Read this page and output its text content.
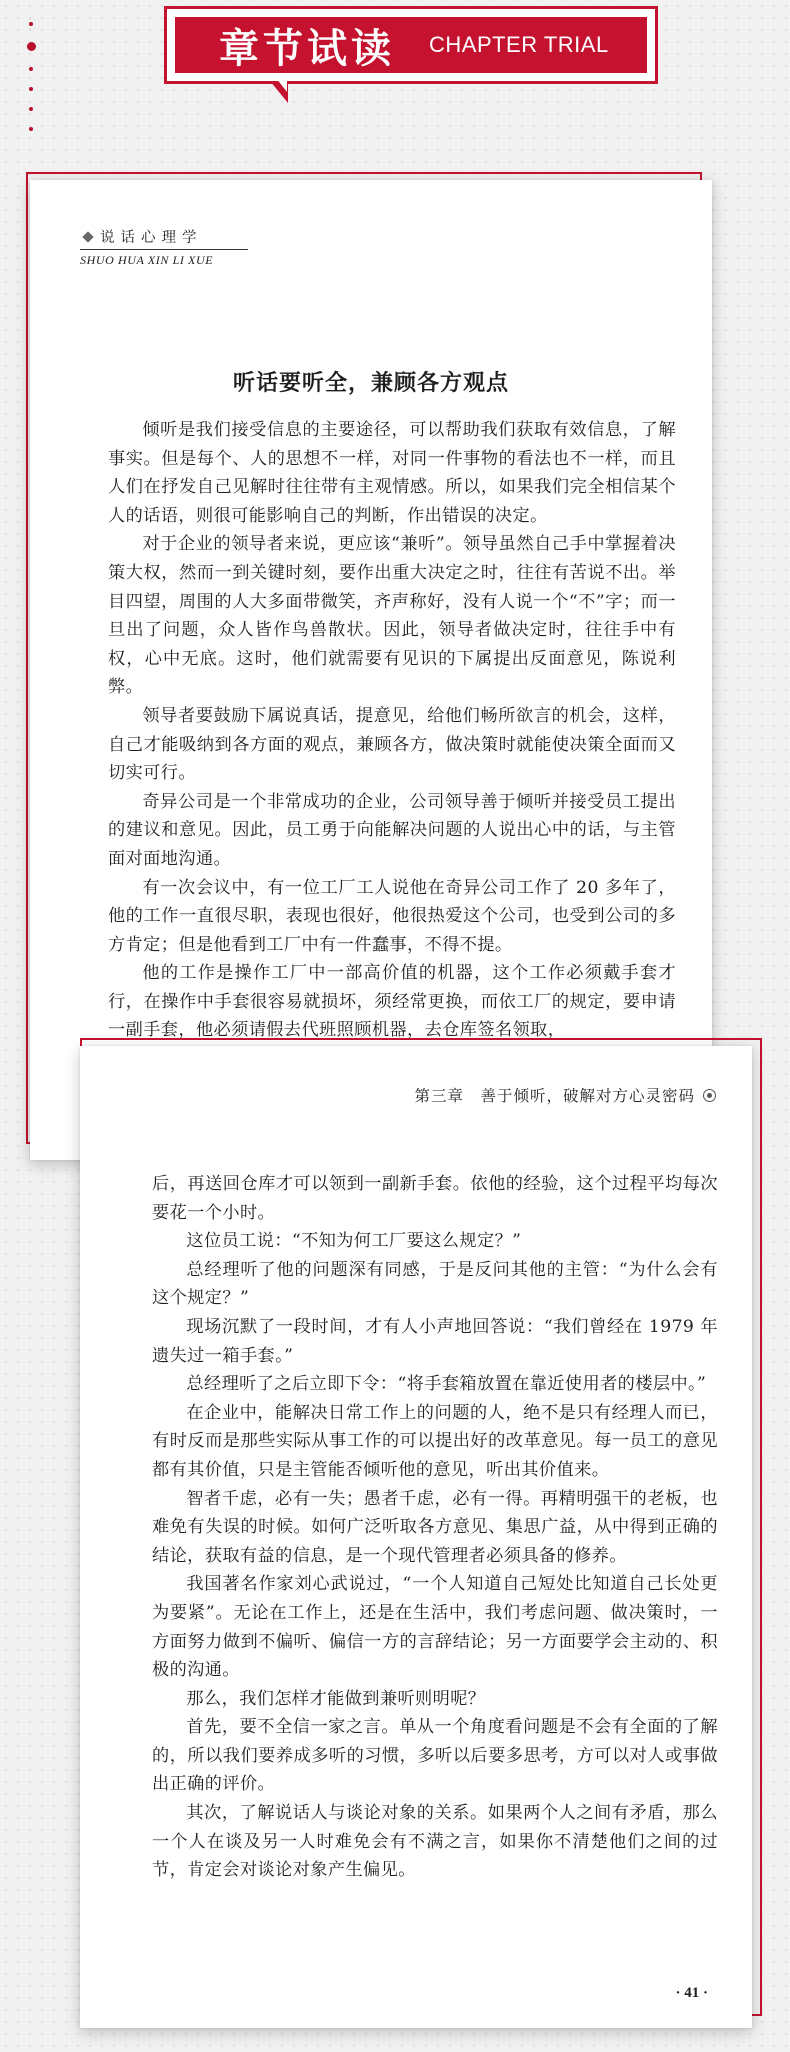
章节试读 CHAPTER TRIAL
说话心理学
SHUO HUA XIN LI XUE
听话要听全，兼顾各方观点

倾听是我们接受信息的主要途径，可以帮助我们获取有效信息，了解事实。但是每个、人的思想不一样，对同一件事物的看法也不一样，而且人们在抒发自己见解时往往带有主观情感。所以，如果我们完全相信某个人的话语，则很可能影响自己的判断，作出错误的决定。

对于企业的领导者来说，更应该“兼听”。领导虽然自己手中掌握着决策大权，然而一到关键时刻，要作出重大决定之时，往往有苦说不出。举目四望，周围的人大多面带微笑，齐声称好，没有人说一个“不”字；而一旦出了问题，众人皆作鸟兽散状。因此，领导者做决定时，往往手中有权，心中无底。这时，他们就需要有见识的下属提出反面意见，陈说利弊。

领导者要鼓励下属说真话，提意见，给他们畅所欲言的机会，这样，自己才能吸纳到各方面的观点，兼顾各方，做决策时就能使决策全面而又切实可行。

奇异公司是一个非常成功的企业，公司领导善于倾听并接受员工提出的建议和意见。因此，员工勇于向能解决问题的人说出心中的话，与主管面对面地沟通。

有一次会议中，有一位工厂工人说他在奇异公司工作了 20 多年了，他的工作一直很尽职，表现也很好，他很热爱这个公司，也受到公司的多方肯定；但是他看到工厂中有一件蠢事，不得不提。

他的工作是操作工厂中一部高价值的机器，这个工作必须戴手套才行，在操作中手套很容易就损坏，须经常更换，而依工厂的规定，要申请一副手套，他必须请假去代班照顾机器，去仓库签名领取，

第三章　善于倾听，破解对方心灵密码

后，再送回仓库才可以领到一副新手套。依他的经验，这个过程平均每次要花一个小时。

这位员工说：“不知为何工厂要这么规定？”

总经理听了他的问题深有同感，于是反问其他的主管：“为什么会有这个规定？”

现场沉默了一段时间，才有人小声地回答说：“我们曾经在 1979 年遗失过一箱手套。”

总经理听了之后立即下令：“将手套箱放置在靠近使用者的楼层中。”

在企业中，能解决日常工作上的问题的人，绝不是只有经理人而已，有时反而是那些实际从事工作的可以提出好的改革意见。每一员工的意见都有其价值，只是主管能否倾听他的意见，听出其价值来。

智者千虑，必有一失；愚者千虑，必有一得。再精明强干的老板，也难免有失误的时候。如何广泛听取各方意见、集思广益，从中得到正确的结论，获取有益的信息，是一个现代管理者必须具备的修养。

我国著名作家刘心武说过，“一个人知道自己短处比知道自己长处更为要紧”。无论在工作上，还是在生活中，我们考虑问题、做决策时，一方面努力做到不偏听、偏信一方的言辞结论；另一方面要学会主动的、积极的沟通。

那么，我们怎样才能做到兼听则明呢？

首先，要不全信一家之言。单从一个角度看问题是不会有全面的了解的，所以我们要养成多听的习惯，多听以后要多思考，方可以对人或事做出正确的评价。

其次，了解说话人与谈论对象的关系。如果两个人之间有矛盾，那么一个人在谈及另一人时难免会有不满之言，如果你不清楚他们之间的过节，肯定会对谈论对象产生偏见。

· 41 ·
